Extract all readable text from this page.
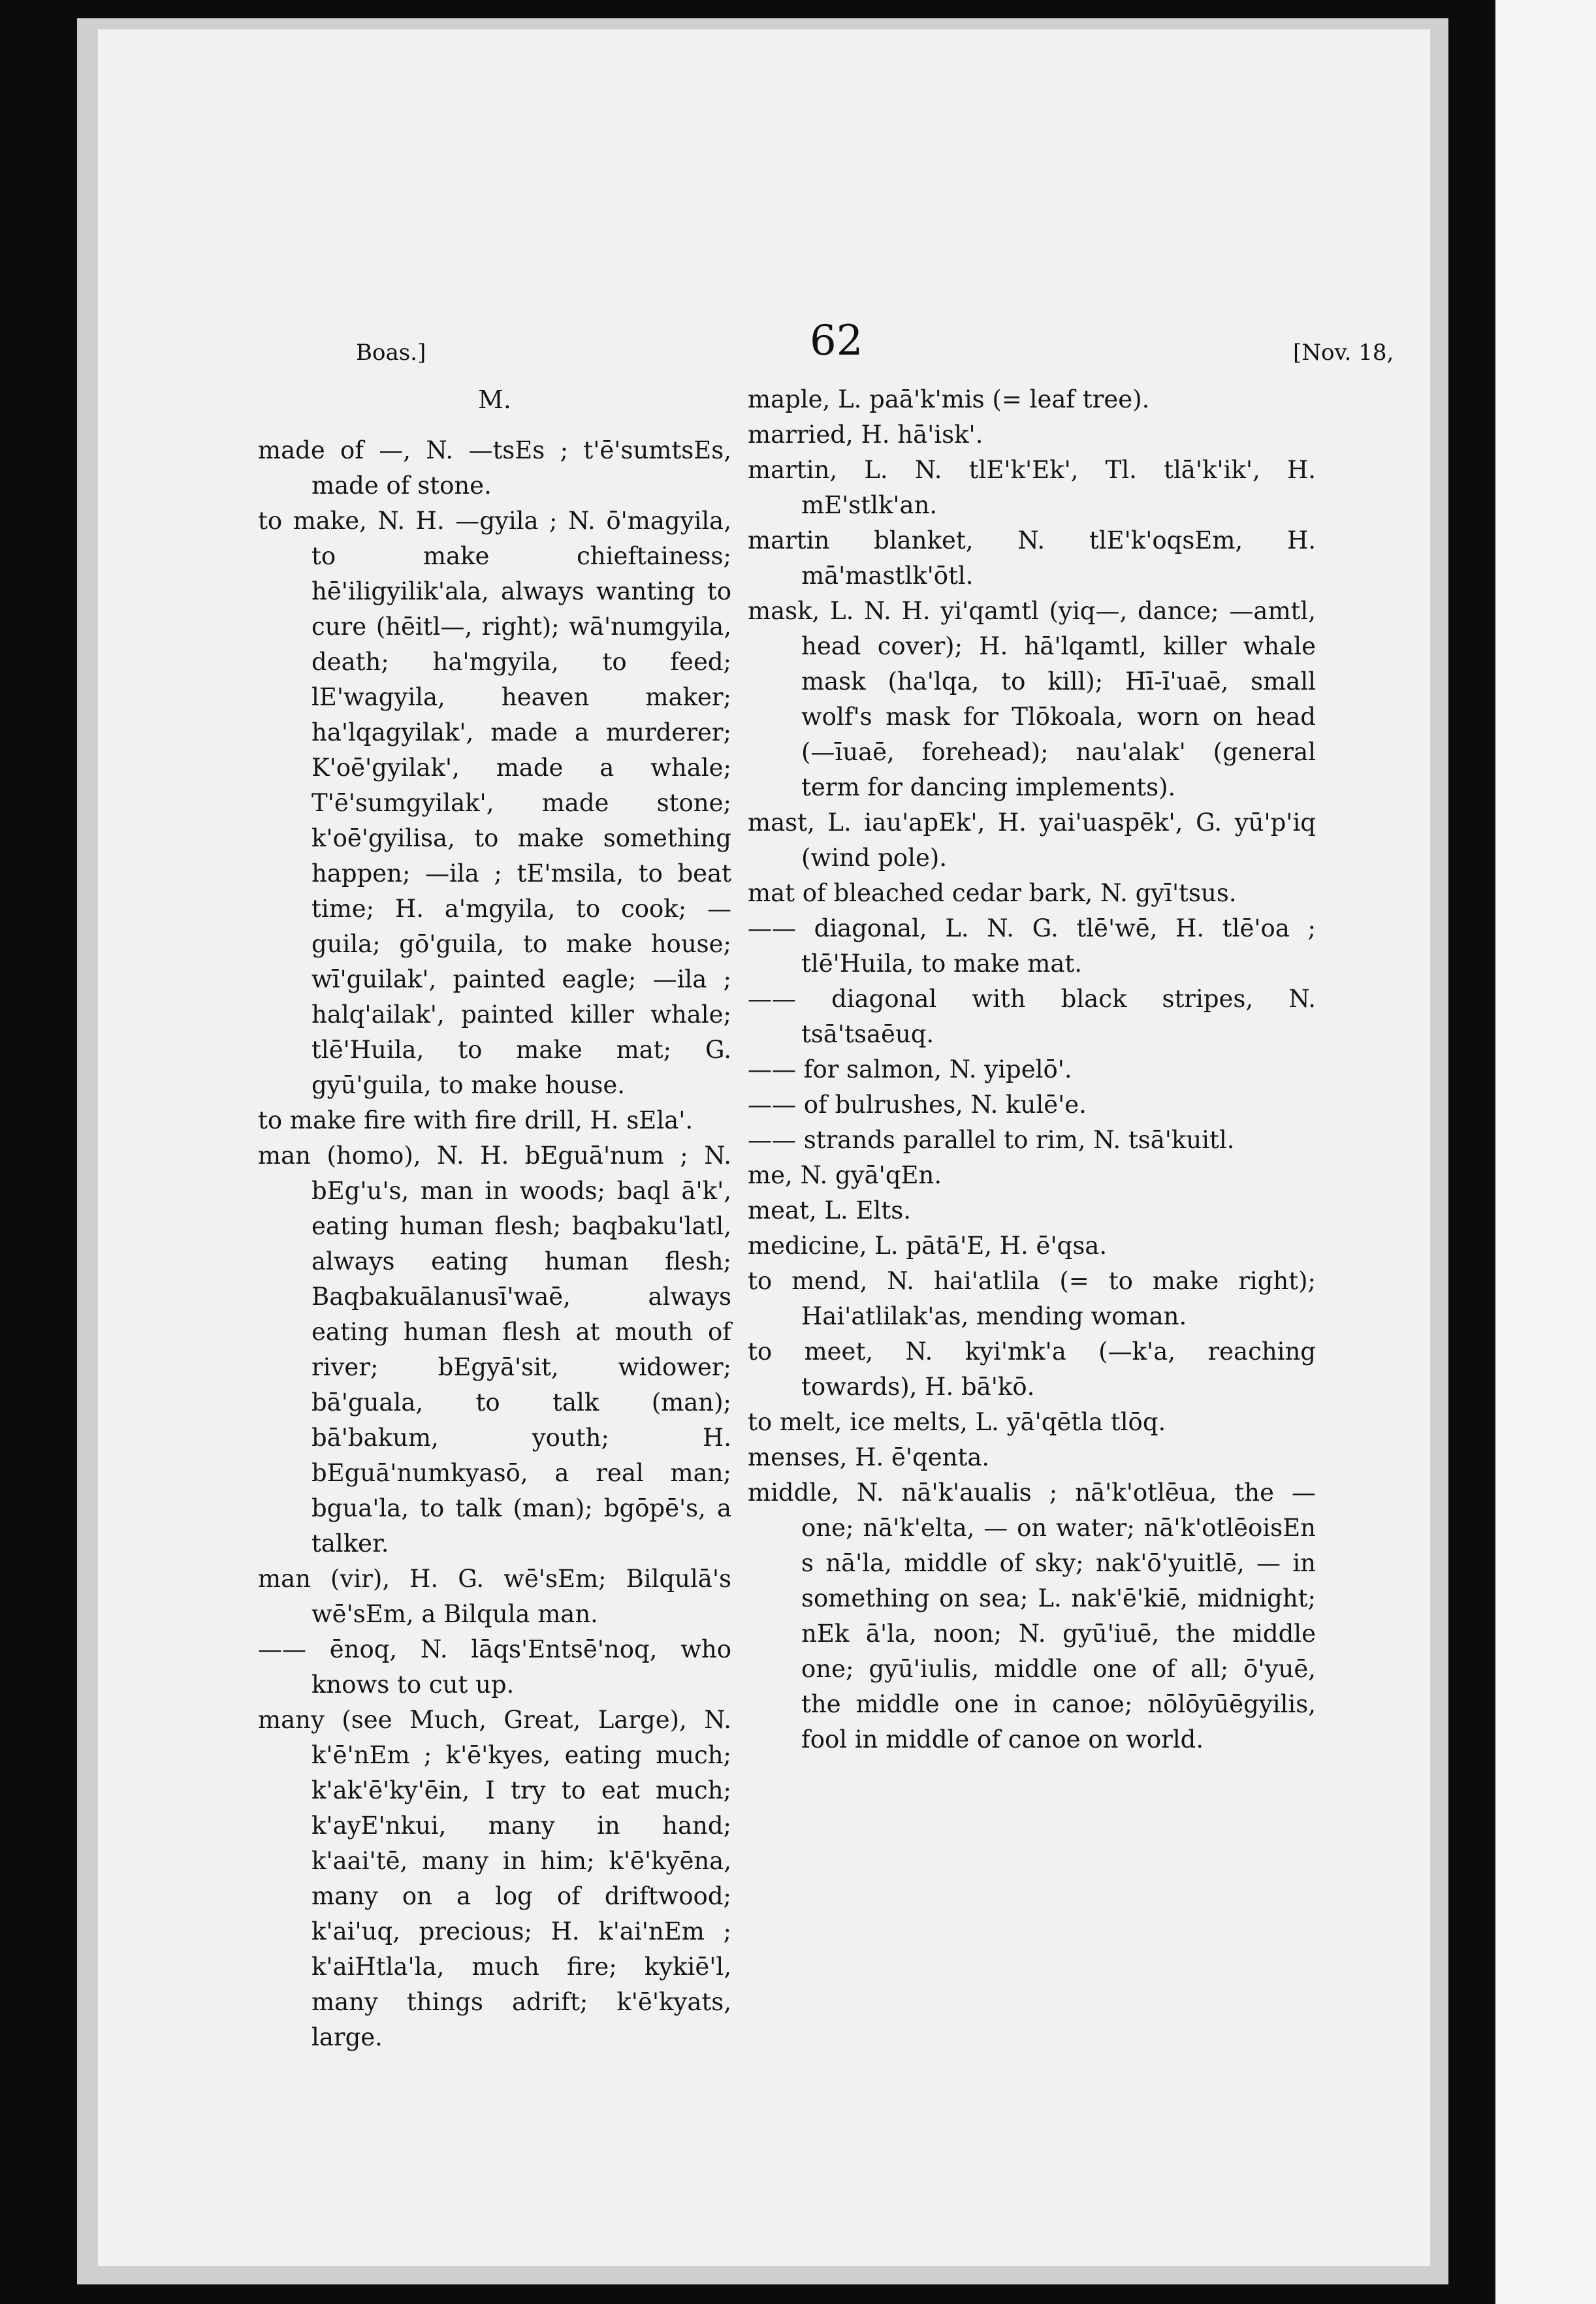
Boas.]	62	[Nov. 18,
M.
made of —, N. —tsEs ; t'ē'sumtsEs, made of stone.
to make, N. H. —gyila ; N. ō'magyila, to make chieftainess; hē'iligyilik'ala, always wanting to cure (hēitl—, right); wā'numgyila, death; ha'mgyila, to feed; lE'wagyila, heaven maker; ha'lqagyilak', made a murderer; K'oē'gyilak', made a whale; T'ē'sumgyilak', made stone; k'oē'gyilisa, to make something happen; —ila ; tE'msila, to beat time; H. a'mgyila, to cook; —guila; gō'guila, to make house; wī'guilak', painted eagle; —ila ; halq'ailak', painted killer whale; tlē'Huila, to make mat; G. gyū'guila, to make house.
to make fire with fire drill, H. sEla'.
man (homo), N. H. bEguā'num ; N. bEg'u's, man in woods; baql ā'k', eating human flesh; baqbaku'latl, always eating human flesh; Baqbakuālanusī'waē, always eating human flesh at mouth of river; bEgyā'sit, widower; bā'guala, to talk (man); bā'bakum, youth; H. bEguā'numkyasō, a real man; bgua'la, to talk (man); bgōpē's, a talker.
man (vir), H. G. wē'sEm; Bilqulā's wē'sEm, a Bilqula man.
—— ēnoq, N. lāqs'Entsē'noq, who knows to cut up.
many (see Much, Great, Large), N. k'ē'nEm ; k'ē'kyes, eating much; k'ak'ē'ky'ēin, I try to eat much; k'ayE'nkui, many in hand; k'aai'tē, many in him; k'ē'kyēna, many on a log of driftwood; k'ai'uq, precious; H. k'ai'nEm ; k'aiHtla'la, much fire; kykiē'l, many things adrift; k'ē'kyats, large.
maple, L. paā'k'mis (= leaf tree).
married, H. hā'isk'.
martin, L. N. tlE'k'Ek', Tl. tlā'k'ik', H. mE'stlk'an.
martin blanket, N. tlE'k'oqsEm, H. mā'mastlk'ōtl.
mask, L. N. H. yi'qamtl (yiq—, dance; —amtl, head cover); H. hā'lqamtl, killer whale mask (ha'lqa, to kill); Hī-ī'uaē, small wolf's mask for Tlōkoala, worn on head (—īuaē, forehead); nau'alak' (general term for dancing implements).
mast, L. iau'apEk', H. yai'uaspēk', G. yū'p'iq (wind pole).
mat of bleached cedar bark, N. gyī'tsus.
—— diagonal, L. N. G. tlē'wē, H. tlē'oa ; tlē'Huila, to make mat.
—— diagonal with black stripes, N. tsā'tsaēuq.
—— for salmon, N. yipelō'.
—— of bulrushes, N. kulē'e.
—— strands parallel to rim, N. tsā'kuitl.
me, N. gyā'qEn.
meat, L. Elts.
medicine, L. pātā'E, H. ē'qsa.
to mend, N. hai'atlila (= to make right); Hai'atlilak'as, mending woman.
to meet, N. kyi'mk'a (—k'a, reaching towards), H. bā'kō.
to melt, ice melts, L. yā'qētla tlōq.
menses, H. ē'qenta.
middle, N. nā'k'aualis ; nā'k'otlēua, the — one; nā'k'elta, — on water; nā'k'otlēoisEn s nā'la, middle of sky; nak'ō'yuitlē, — in something on sea; L. nak'ē'kiē, midnight; nEk ā'la, noon; N. gyū'iuē, the middle one; gyū'iulis, middle one of all; ō'yuē, the middle one in canoe; nōlōyūēgyilis, fool in middle of canoe on world.
